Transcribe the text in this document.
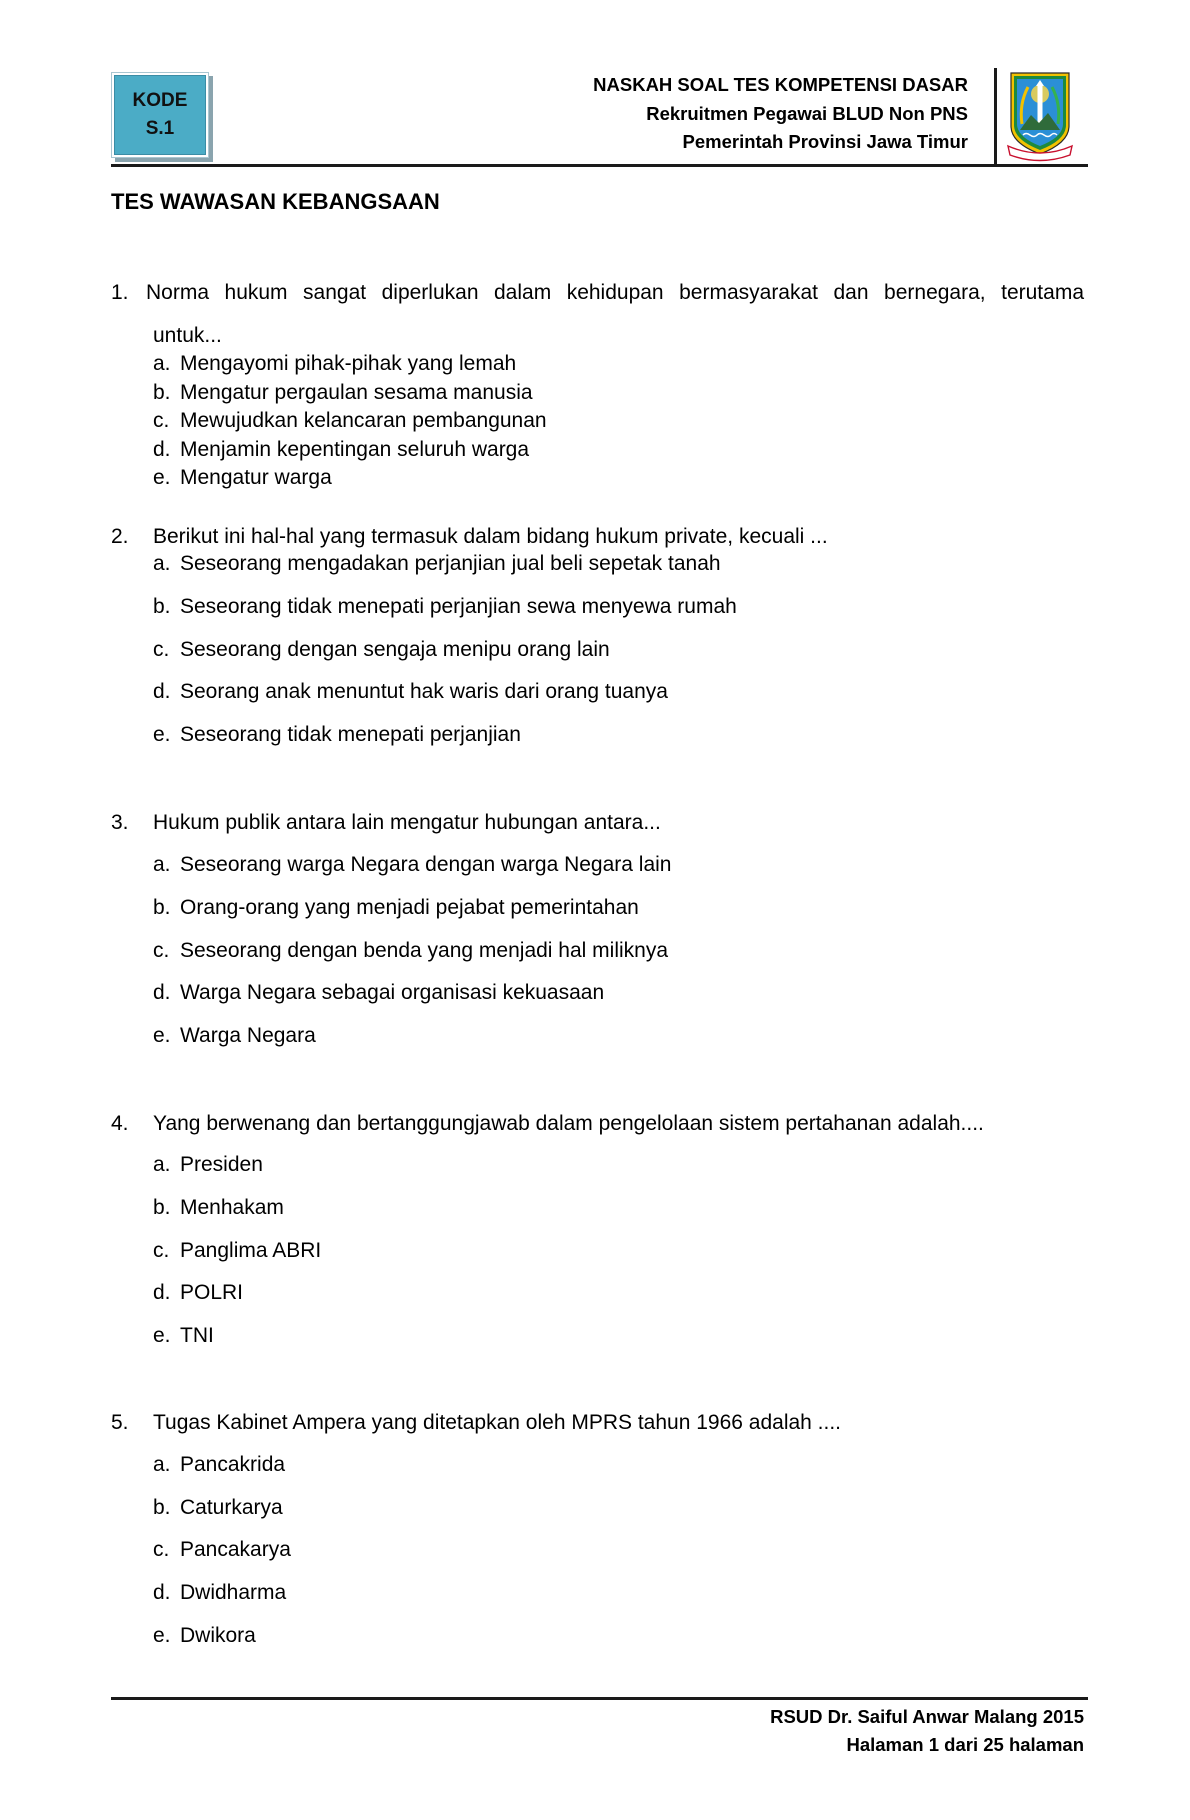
KODE
S.1
NASKAH SOAL TES KOMPETENSI DASAR
Rekruitmen Pegawai BLUD Non PNS
Pemerintah Provinsi Jawa Timur
TES WAWASAN KEBANGSAAN
1. Norma hukum sangat diperlukan dalam kehidupan bermasyarakat dan bernegara, terutama
untuk...
a. Mengayomi pihak-pihak yang lemah
b. Mengatur pergaulan sesama manusia
c. Mewujudkan kelancaran pembangunan
d. Menjamin kepentingan seluruh warga
e. Mengatur warga
2. Berikut ini hal-hal yang termasuk dalam bidang hukum private, kecuali ...
a. Seseorang mengadakan perjanjian jual beli sepetak tanah
b. Seseorang tidak menepati perjanjian sewa menyewa rumah
c. Seseorang dengan sengaja menipu orang lain
d. Seorang anak menuntut hak waris dari orang tuanya
e. Seseorang tidak menepati perjanjian
3. Hukum publik antara lain mengatur hubungan antara...
a. Seseorang warga Negara dengan warga Negara lain
b. Orang-orang yang menjadi pejabat pemerintahan
c. Seseorang dengan benda yang menjadi hal miliknya
d. Warga Negara sebagai organisasi kekuasaan
e. Warga Negara
4. Yang berwenang dan bertanggungjawab dalam pengelolaan sistem pertahanan adalah....
a. Presiden
b. Menhakam
c. Panglima ABRI
d. POLRI
e. TNI
5. Tugas Kabinet Ampera yang ditetapkan oleh MPRS tahun 1966 adalah ....
a. Pancakrida
b. Caturkarya
c. Pancakarya
d. Dwidharma
e. Dwikora
RSUD Dr. Saiful Anwar Malang 2015
Halaman 1 dari 25 halaman
